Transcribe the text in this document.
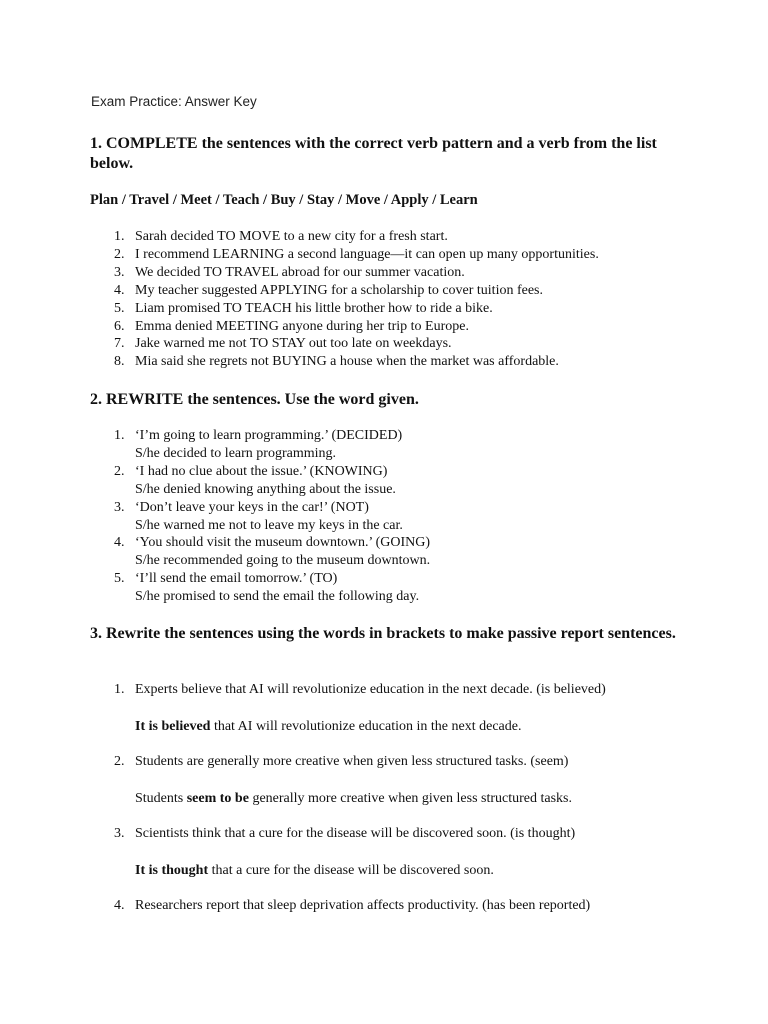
Exam Practice: Answer Key
1. COMPLETE the sentences with the correct verb pattern and a verb from the list below.
Plan / Travel / Meet / Teach / Buy / Stay / Move / Apply / Learn
1. Sarah decided TO MOVE to a new city for a fresh start.
2. I recommend LEARNING a second language—it can open up many opportunities.
3. We decided TO TRAVEL abroad for our summer vacation.
4. My teacher suggested APPLYING for a scholarship to cover tuition fees.
5. Liam promised TO TEACH his little brother how to ride a bike.
6. Emma denied MEETING anyone during her trip to Europe.
7. Jake warned me not TO STAY out too late on weekdays.
8. Mia said she regrets not BUYING a house when the market was affordable.
2. REWRITE the sentences. Use the word given.
1. ‘I’m going to learn programming.’ (DECIDED)
S/he decided to learn programming.
2. ‘I had no clue about the issue.’ (KNOWING)
S/he denied knowing anything about the issue.
3. ‘Don’t leave your keys in the car!’ (NOT)
S/he warned me not to leave my keys in the car.
4. ‘You should visit the museum downtown.’ (GOING)
S/he recommended going to the museum downtown.
5. ‘I’ll send the email tomorrow.’ (TO)
S/he promised to send the email the following day.
3. Rewrite the sentences using the words in brackets to make passive report sentences.
1. Experts believe that AI will revolutionize education in the next decade. (is believed)
It is believed that AI will revolutionize education in the next decade.
2. Students are generally more creative when given less structured tasks. (seem)
Students seem to be generally more creative when given less structured tasks.
3. Scientists think that a cure for the disease will be discovered soon. (is thought)
It is thought that a cure for the disease will be discovered soon.
4. Researchers report that sleep deprivation affects productivity. (has been reported)
